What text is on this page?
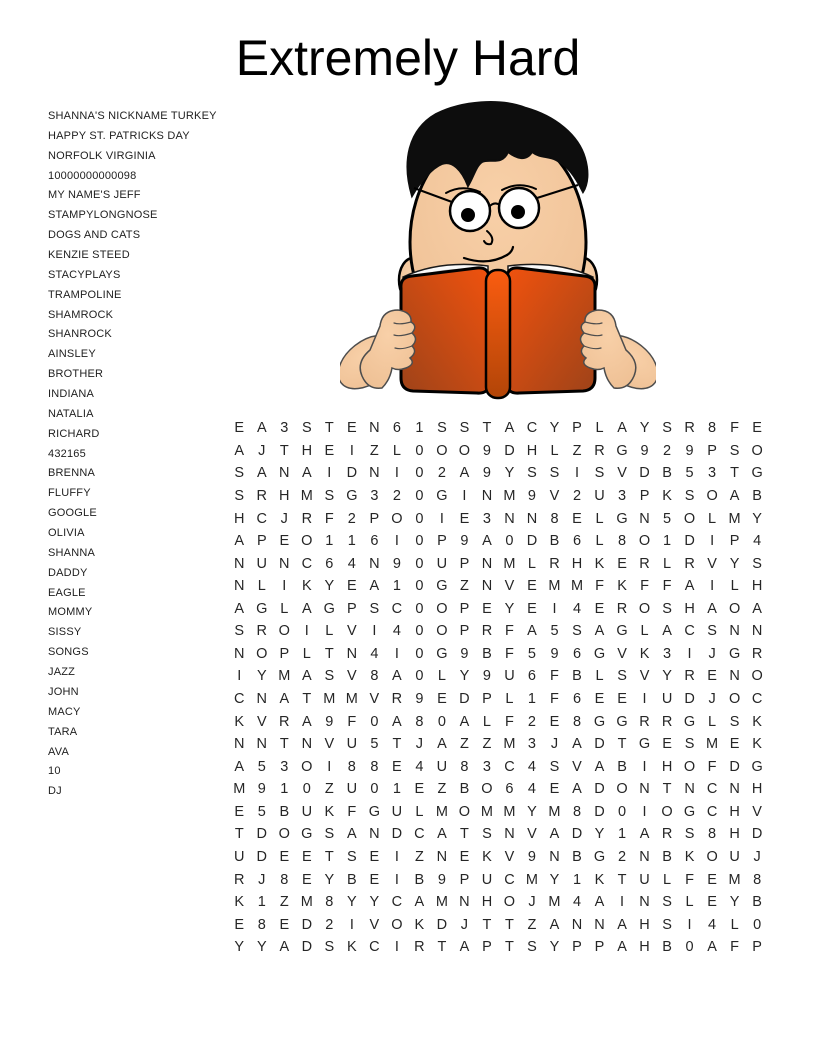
Extremely Hard
SHANNA'S NICKNAME TURKEY
HAPPY ST. PATRICKS DAY
NORFOLK VIRGINIA
10000000000098
MY NAME'S JEFF
STAMPYLONGNOSE
DOGS AND CATS
KENZIE STEED
STACYPLAYS
TRAMPOLINE
SHAMROCK
SHANROCK
AINSLEY
BROTHER
INDIANA
NATALIA
RICHARD
432165
BRENNA
FLUFFY
GOOGLE
OLIVIA
SHANNA
DADDY
EAGLE
MOMMY
SISSY
SONGS
JAZZ
JOHN
MACY
TARA
AVA
10
DJ
E A 3 S T E N 6 1 S S T A C Y P L A Y S R 8 F E
A J T H E	I	Z L 0 O O 9 D H L Z R G 9 2 9 P S O
S A N A	I	D N	I	0 2 A 9 Y S S	I	S V D B 5 3 T G
S R H M S G 3 2 0 G	I	N M 9 V 2 U 3 P K S O A B
H C J R F 2 P O 0	I	E 3 N N 8 E L G N 5 O L M Y
A P E O 1 1 6	I	0 P 9 A 0 D B 6 L 8 O 1 D	I	P 4
N U N C 6 4 N 9 0 U P N M L R H K E R L R V Y S
N L	I	K Y E A 1 0 G Z N V E M M F K F F A	I	L H
A G L A G P S C 0 O P E Y E	I	4 E R O S H A O A
S R O	I	L V	I	4 0 O P R F A 5 S A G L A C S N N
N O P L T N 4	I	0 G 9 B F 5 9 6 G V K 3	I	J G R
I	Y M A S V 8 A 0 L Y 9 U 6 F B L S V Y R E N O
C N A T M M V R 9 E D P L 1 F 6 E E	I	U D J O C
K V R A 9 F 0 A 8 0 A L F 2 E 8 G G R R G L S K
N N T N V U 5 T J A Z Z M 3	J A D T G E S M E K
A 5 3 O	I	8 8 E 4 U 8 3 C 4 S V A B	I	H O F D G
M 9 1 0 Z U 0 1 E Z B O 6 4 E A D O N T N C N H
E 5 B U K F G U L M O M M Y M 8 D 0	I	O G C H V
T D O G S A N D C A T S N V A D Y 1 A R S 8 H D
U D E E T S E	I	Z N E K V 9 N B G 2 N B K O U J
R J	8 E Y B E	I	B 9 P U C M Y 1 K T U L F E M 8
K 1 Z M 8 Y Y C A M N H O J M 4 A	I	N S L E Y B
E 8 E D 2	I	V O K D J T T Z A N N A H S	I	4 L 0
Y Y A D S K C	I	R T A P T S Y P P A H B 0 A F P
